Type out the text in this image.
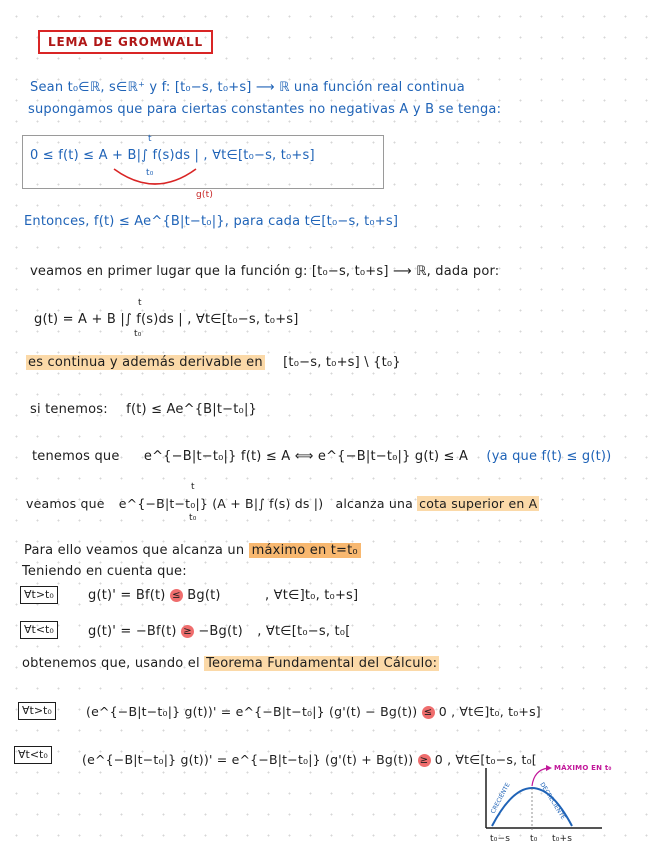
LEMA DE GROMWALL
Sean t₀∈ℝ, s∈ℝ⁺ y f: [t₀−s, t₀+s] ⟶ ℝ una función real continua
supongamos que para ciertas constantes no negativas A y B se tenga:
0 ≤ f(t) ≤ A + B|∫ f(s)ds | , ∀t∈[t₀−s, t₀+s]
t
t₀
g(t)
Entonces, f(t) ≤ Ae^{B|t−t₀|}, para cada t∈[t₀−s, t₀+s]
veamos en primer lugar que la función g: [t₀−s, t₀+s] ⟶ ℝ, dada por:
g(t) = A + B |∫ f(s)ds | , ∀t∈[t₀−s, t₀+s]
t
t₀
es continua y además derivable en [t₀−s, t₀+s] \ {t₀}
si tenemos: f(t) ≤ Ae^{B|t−t₀|}
tenemos que e^{−B|t−t₀|} f(t) ≤ A ⟺ e^{−B|t−t₀|} g(t) ≤ A (ya que f(t) ≤ g(t))
veamos que e^{−B|t−t₀|} (A + B|∫ f(s) ds |) alcanza una cota superior en A
t
t₀
Para ello veamos que alcanza un máximo en t=t₀
Teniendo en cuenta que:
∀t>t₀	g(t)' = Bf(t) ≤ Bg(t)	, ∀t∈]t₀, t₀+s]
∀t<t₀	g(t)' = −Bf(t) ≥ −Bg(t) , ∀t∈[t₀−s, t₀[
obtenemos que, usando el Teorema Fundamental del Cálculo:
∀t>t₀	(e^{−B|t−t₀|} g(t))' = e^{−B|t−t₀|} (g'(t) − Bg(t)) ≤ 0 , ∀t∈]t₀, t₀+s]
∀t<t₀	(e^{−B|t−t₀|} g(t))' = e^{−B|t−t₀|} (g'(t) + Bg(t)) ≥ 0 , ∀t∈[t₀−s, t₀[
CRECIENTE	DECRECIENTE
MÁXIMO EN t₀
t₀−s t₀ t₀+s
